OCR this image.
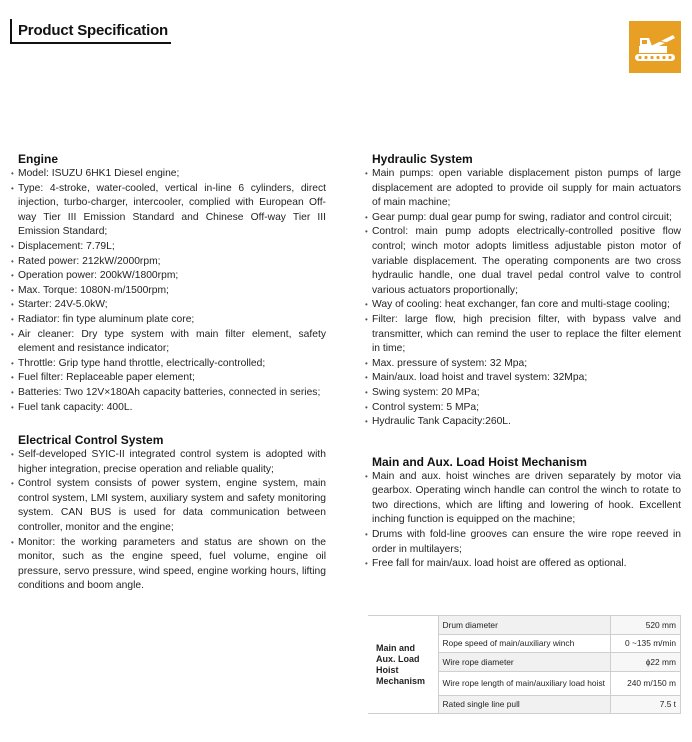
Product Specification
Engine
• Model: ISUZU 6HK1 Diesel engine;
• Type: 4-stroke, water-cooled, vertical in-line 6 cylinders, direct injection, turbo-charger, intercooler, complied with European Off-way Tier III Emission Standard and Chinese Off-way Tier III Emission Standard;
• Displacement: 7.79L;
• Rated power: 212kW/2000rpm;
• Operation power: 200kW/1800rpm;
• Max. Torque: 1080N·m/1500rpm;
• Starter: 24V-5.0kW;
• Radiator: fin type aluminum plate core;
• Air cleaner: Dry type system with main filter element, safety element and resistance indicator;
• Throttle: Grip type hand throttle, electrically-controlled;
• Fuel filter: Replaceable paper element;
• Batteries: Two 12V×180Ah capacity batteries, connected in series;
• Fuel tank capacity: 400L.
Electrical Control System
• Self-developed SYIC-II integrated control system is adopted with higher integration, precise operation and reliable quality;
• Control system consists of power system, engine system, main control system, LMI system, auxiliary system and safety monitoring system. CAN BUS is used for data communication between controller, monitor and the engine;
• Monitor: the working parameters and status are shown on the monitor, such as the engine speed, fuel volume, engine oil pressure, servo pressure, wind speed, engine working hours, lifting conditions and boom angle.
Hydraulic System
• Main pumps: open variable displacement piston pumps of large displacement are adopted to provide oil supply for main actuators of main machine;
• Gear pump: dual gear pump for swing, radiator and control circuit;
• Control: main pump adopts electrically-controlled positive flow control; winch motor adopts limitless adjustable piston motor of variable displacement. The operating components are two cross hydraulic handle, one dual travel pedal control valve to control various actuators proportionally;
• Way of cooling: heat exchanger, fan core and multi-stage cooling;
• Filter: large flow, high precision filter, with bypass valve and transmitter, which can remind the user to replace the filter element in time;
• Max. pressure of system: 32 Mpa;
• Main/aux. load hoist and travel system: 32Mpa;
• Swing system: 20 MPa;
• Control system: 5 MPa;
• Hydraulic Tank Capacity:260L.
Main and Aux. Load Hoist Mechanism
• Main and aux. hoist winches are driven separately by motor via gearbox. Operating winch handle can control the winch to rotate to two directions, which are lifting and lowering of hook. Excellent inching function is equipped on the machine;
• Drums with fold-line grooves can ensure the wire rope reeved in order in multilayers;
• Free fall for main/aux. load hoist are offered as optional.
Main and Aux. Load Hoist Mechanism	Drum diameter	520 mm
	Rope speed of main/auxiliary winch	0 ~135 m/min
	Wire rope diameter	ϕ22 mm
	Wire rope length of main/auxiliary load hoist	240 m/150 m
	Rated single line pull	7.5 t
